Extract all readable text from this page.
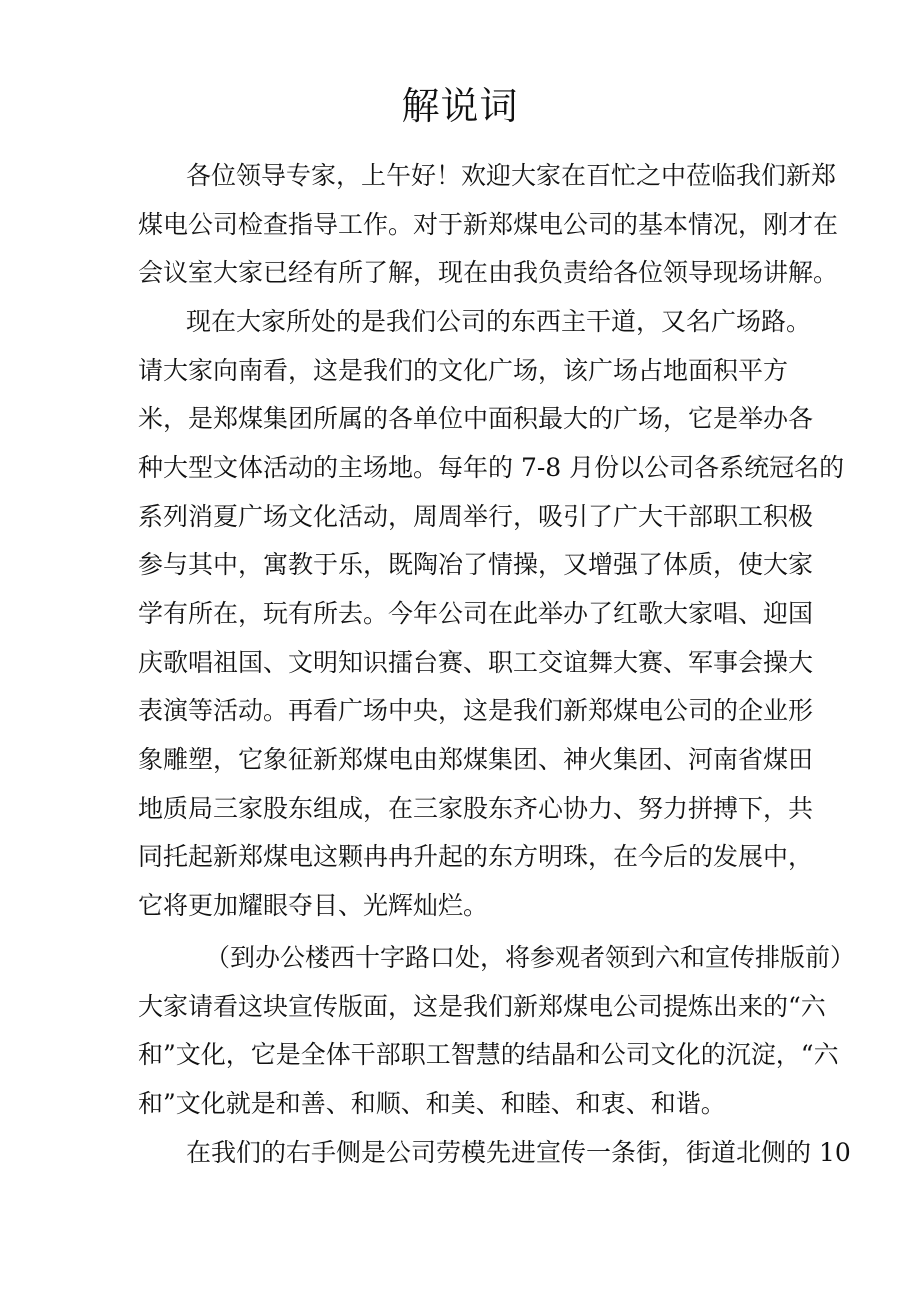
解说词

各位领导专家，上午好！欢迎大家在百忙之中莅临我们新郑

煤电公司检查指导工作。对于新郑煤电公司的基本情况，刚才在

会议室大家已经有所了解，现在由我负责给各位领导现场讲解。

现在大家所处的是我们公司的东西主干道，又名广场路。

请大家向南看，这是我们的文化广场，该广场占地面积平方

米，是郑煤集团所属的各单位中面积最大的广场，它是举办各

种大型文体活动的主场地。每年的 7-8 月份以公司各系统冠名的

系列消夏广场文化活动，周周举行，吸引了广大干部职工积极

参与其中，寓教于乐，既陶冶了情操，又增强了体质，使大家

学有所在，玩有所去。今年公司在此举办了红歌大家唱、迎国

庆歌唱祖国、文明知识擂台赛、职工交谊舞大赛、军事会操大

表演等活动。再看广场中央，这是我们新郑煤电公司的企业形

象雕塑，它象征新郑煤电由郑煤集团、神火集团、河南省煤田

地质局三家股东组成，在三家股东齐心协力、努力拼搏下，共

同托起新郑煤电这颗冉冉升起的东方明珠，在今后的发展中，

它将更加耀眼夺目、光辉灿烂。

（到办公楼西十字路口处，将参观者领到六和宣传排版前）

大家请看这块宣传版面，这是我们新郑煤电公司提炼出来的“六

和”文化，它是全体干部职工智慧的结晶和公司文化的沉淀，“六

和”文化就是和善、和顺、和美、和睦、和衷、和谐。

在我们的右手侧是公司劳模先进宣传一条街，街道北侧的 10
